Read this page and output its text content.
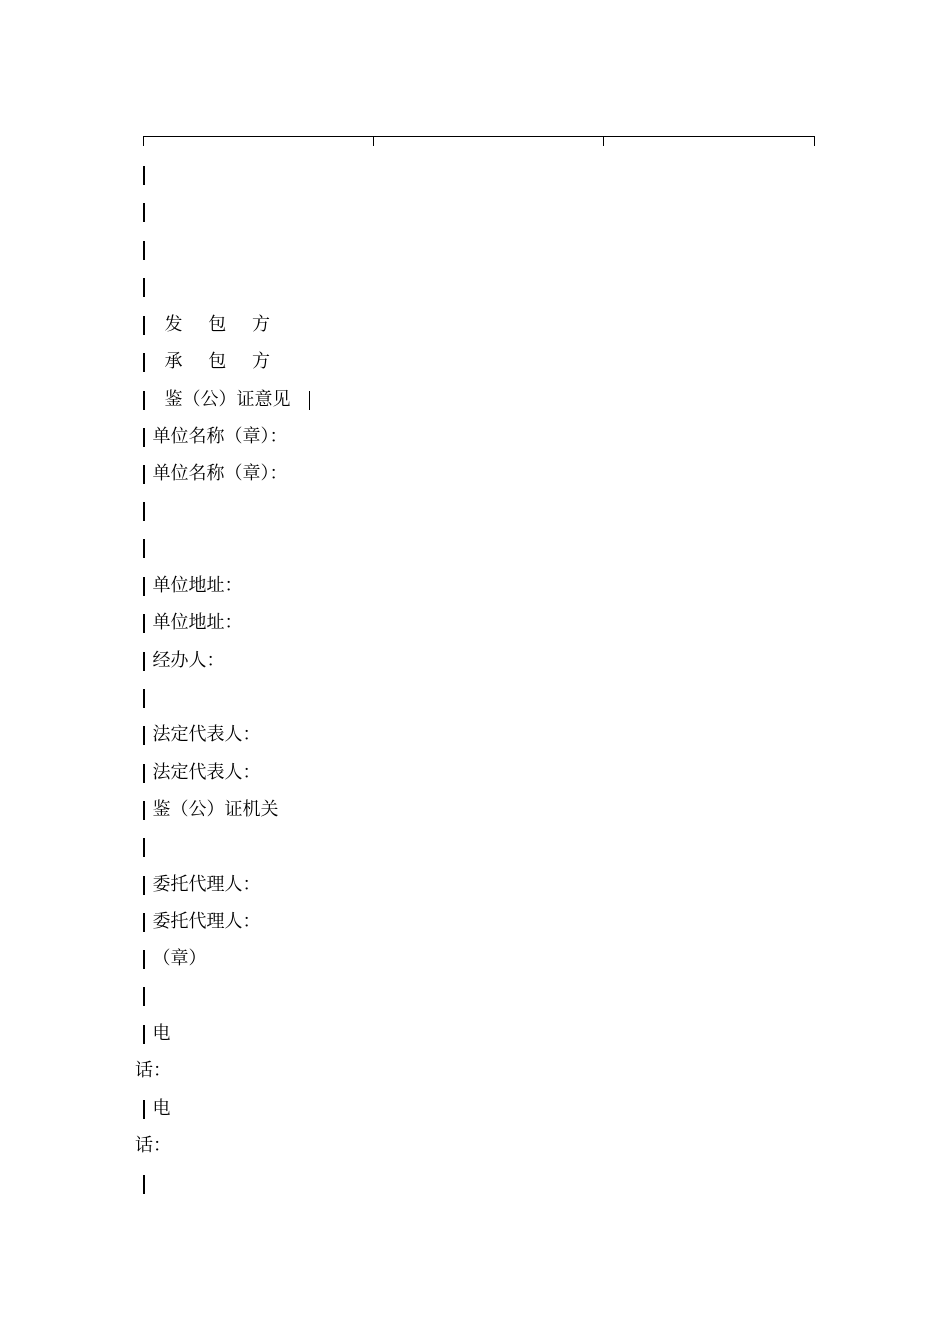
发 包 方
承 包 方
鉴（公）证意见
单位名称（章）：
单位名称（章）：
单位地址：
单位地址：
经办人：
法定代表人：
法定代表人：
鉴（公）证机关
委托代理人：
委托代理人：
（章）
电
话：
电
话：
